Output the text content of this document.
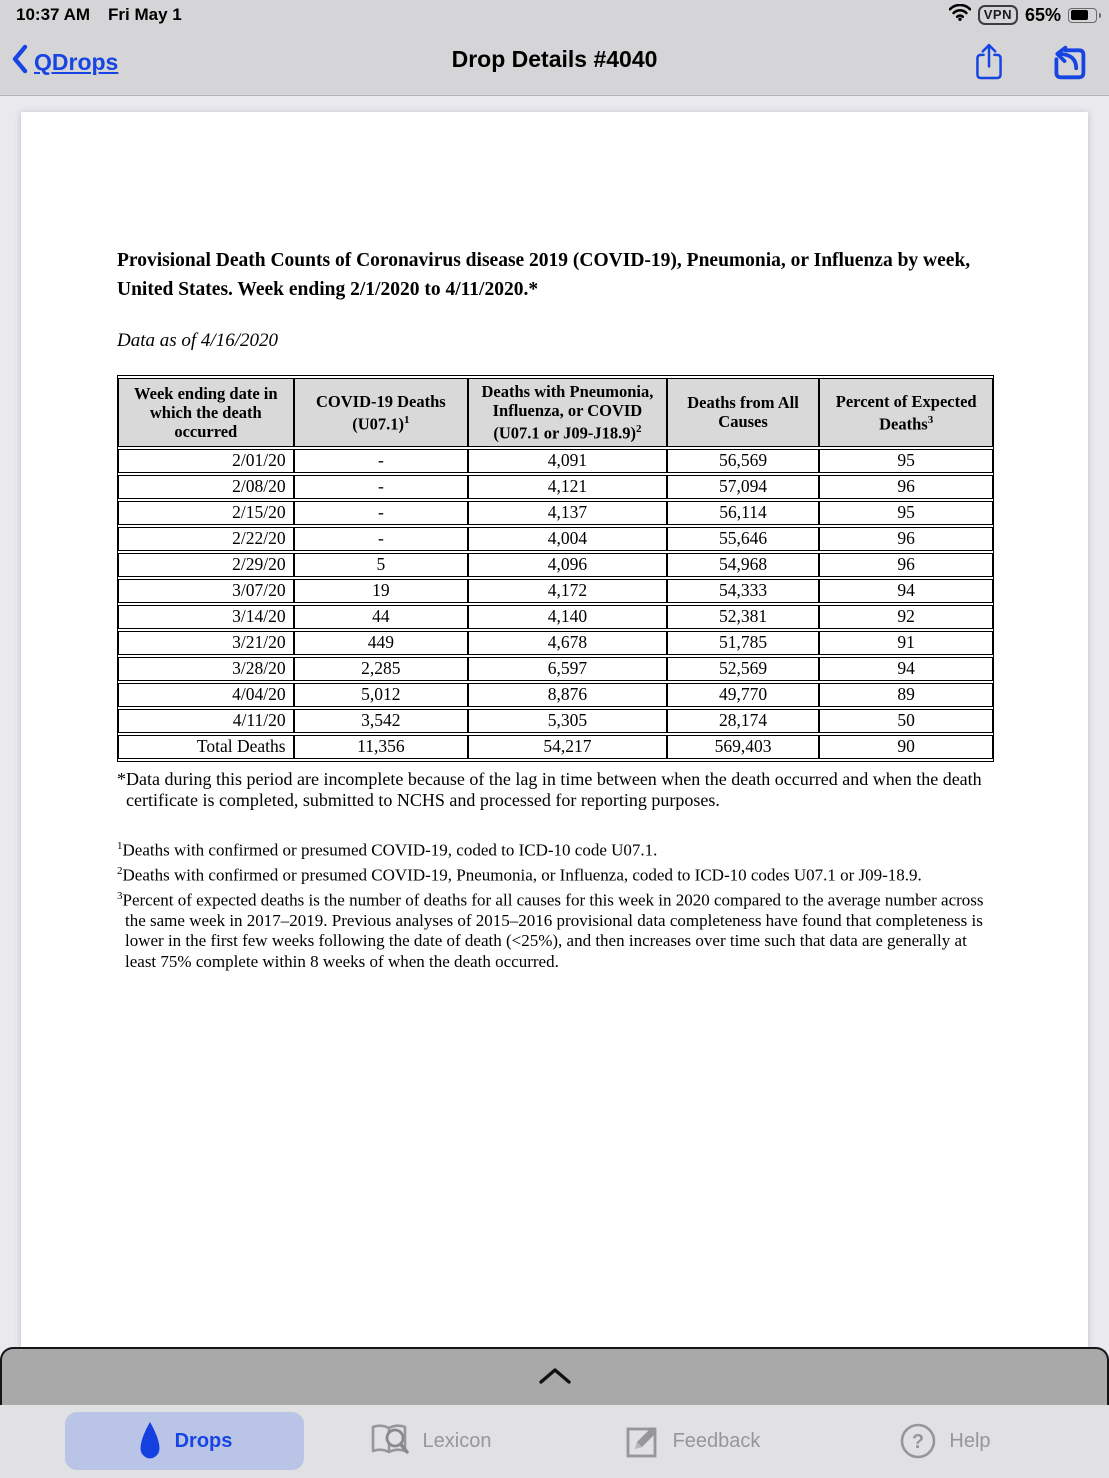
10:37 AM Fri May 1	VPN 65%
QDrops	Drop Details #4040
Provisional Death Counts of Coronavirus disease 2019 (COVID-19), Pneumonia, or Influenza by week, United States. Week ending 2/1/2020 to 4/11/2020.*
Data as of 4/16/2020
Week ending date in which the death occurred	COVID-19 Deaths $(U07.1)^1$	Deaths with Pneumonia, Influenza, or COVID (U07.1 or J09-J18.9)$^2$	Deaths from All Causes	Percent of Expected Deaths$^3$
2/01/20	-	4,091	56,569	95
2/08/20	-	4,121	57,094	96
2/15/20	-	4,137	56,114	95
2/22/20	-	4,004	55,646	96
2/29/20	5	4,096	54,968	96
3/07/20	19	4,172	54,333	94
3/14/20	44	4,140	52,381	92
3/21/20	449	4,678	51,785	91
3/28/20	2,285	6,597	52,569	94
4/04/20	5,012	8,876	49,770	89
4/11/20	3,542	5,305	28,174	50
Total Deaths	11,356	54,217	569,403	90
*Data during this period are incomplete because of the lag in time between when the death occurred and when the death certificate is completed, submitted to NCHS and processed for reporting purposes.
$^1$Deaths with confirmed or presumed COVID-19, coded to ICD-10 code U07.1.
$^2$Deaths with confirmed or presumed COVID-19, Pneumonia, or Influenza, coded to ICD-10 codes U07.1 or J09-18.9.
$^3$Percent of expected deaths is the number of deaths for all causes for this week in 2020 compared to the average number across the same week in 2017–2019. Previous analyses of 2015–2016 provisional data completeness have found that completeness is lower in the first few weeks following the date of death (<25%), and then increases over time such that data are generally at least 75% complete within 8 weeks of when the death occurred.
Drops	Lexicon	Feedback	? Help
